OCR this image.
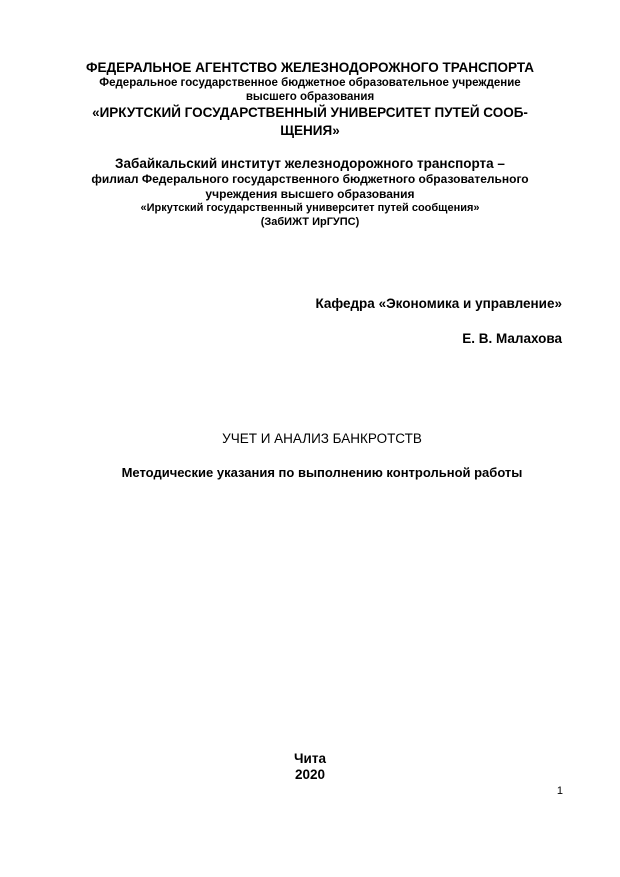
ФЕДЕРАЛЬНОЕ АГЕНТСТВО ЖЕЛЕЗНОДОРОЖНОГО ТРАНСПОРТА
Федеральное государственное бюджетное образовательное учреждение
высшего образования
«ИРКУТСКИЙ ГОСУДАРСТВЕННЫЙ УНИВЕРСИТЕТ ПУТЕЙ СООБ-
ЩЕНИЯ»
Забайкальский институт железнодорожного транспорта –
филиал Федерального государственного бюджетного образовательного
учреждения высшего образования
«Иркутский государственный университет путей сообщения»
(ЗабИЖТ ИрГУПС)
Кафедра «Экономика и управление»
Е. В. Малахова
УЧЕТ И АНАЛИЗ БАНКРОТСТВ
Методические указания по выполнению контрольной работы
Чита
2020
1
